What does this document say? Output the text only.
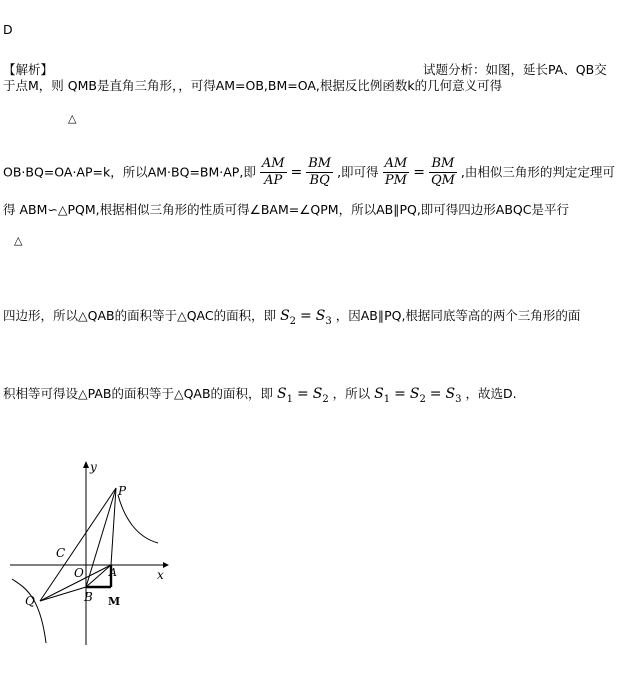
D
【解析】	试题分析：如图，延长PA、QB交
于点M，则 QMB是直角三角形，，可得AM=OB,BM=OA,根据反比例函数k的几何意义可得
△
OB·BQ=OA·AP=k，所以AM·BQ=BM·AP,即 $\frac{AM}{AP} = \frac{BM}{BQ}$ ,即可得 $\frac{AM}{PM} = \frac{BM}{QM}$ ,由相似三角形的判定定理可
得 ABM∽△PQM,根据相似三角形的性质可得∠BAM=∠QPM，所以AB∥PQ,即可得四边形ABQC是平行
△
四边形，所以△QAB的面积等于△QAC的面积，即 $S_2 = S_3$ ，因AB∥PQ,根据同底等高的两个三角形的面
积相等可得设△PAB的面积等于△QAB的面积，即 $S_1 = S_2$ ，所以 $S_1 = S_2 = S_3$ ，故选D.
y
x
P
C
O A
Q	B M
